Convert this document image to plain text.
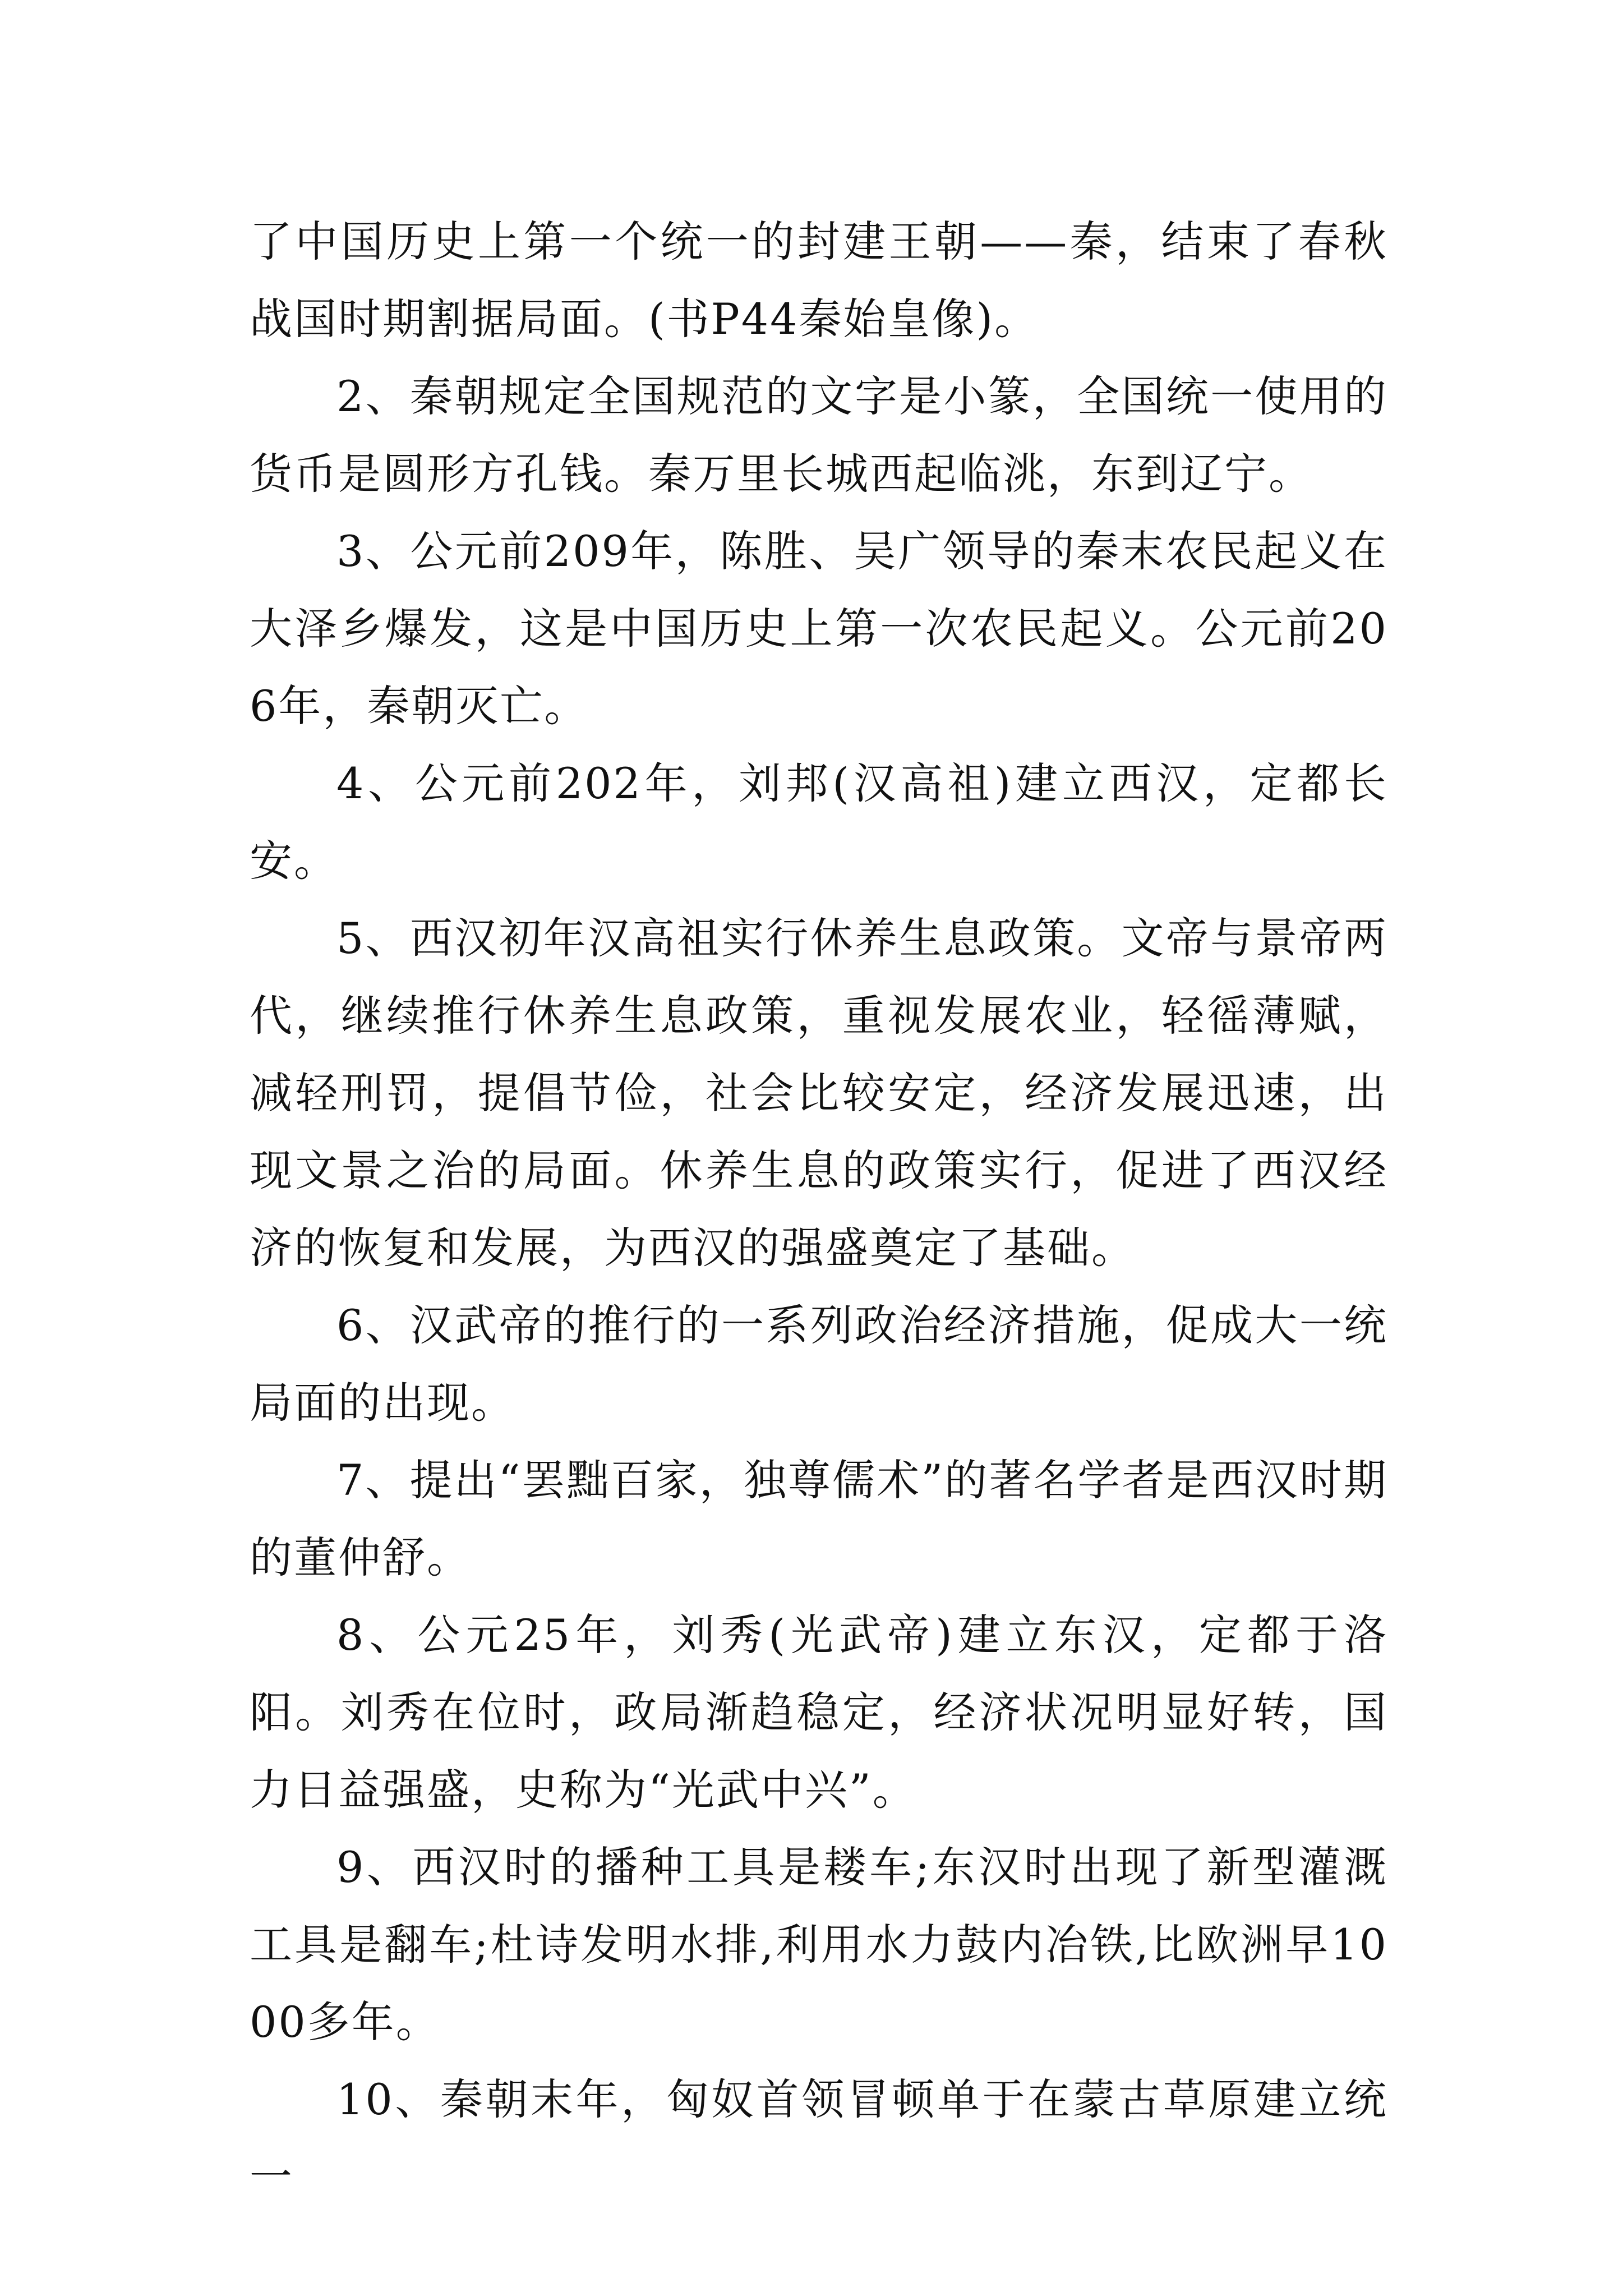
了中国历史上第一个统一的封建王朝——秦，结束了春秋战国时期割据局面。(书P44秦始皇像)。

2、秦朝规定全国规范的文字是小篆，全国统一使用的货币是圆形方孔钱。秦万里长城西起临洮，东到辽宁。

3、公元前209年，陈胜、吴广领导的秦末农民起义在大泽乡爆发，这是中国历史上第一次农民起义。公元前206年，秦朝灭亡。

4、公元前202年，刘邦(汉高祖)建立西汉，定都长安。

5、西汉初年汉高祖实行休养生息政策。文帝与景帝两代，继续推行休养生息政策，重视发展农业，轻徭薄赋，减轻刑罚，提倡节俭，社会比较安定，经济发展迅速，出现文景之治的局面。休养生息的政策实行，促进了西汉经济的恢复和发展，为西汉的强盛奠定了基础。

6、汉武帝的推行的一系列政治经济措施，促成大一统局面的出现。

7、提出“罢黜百家，独尊儒术”的著名学者是西汉时期的董仲舒。

8、公元25年，刘秀(光武帝)建立东汉，定都于洛阳。刘秀在位时，政局渐趋稳定，经济状况明显好转，国力日益强盛，史称为“光武中兴”。

9、西汉时的播种工具是耧车;东汉时出现了新型灌溉工具是翻车;杜诗发明水排,利用水力鼓内冶铁,比欧洲早1000多年。

10、秦朝末年，匈奴首领冒顿单于在蒙古草原建立统一
